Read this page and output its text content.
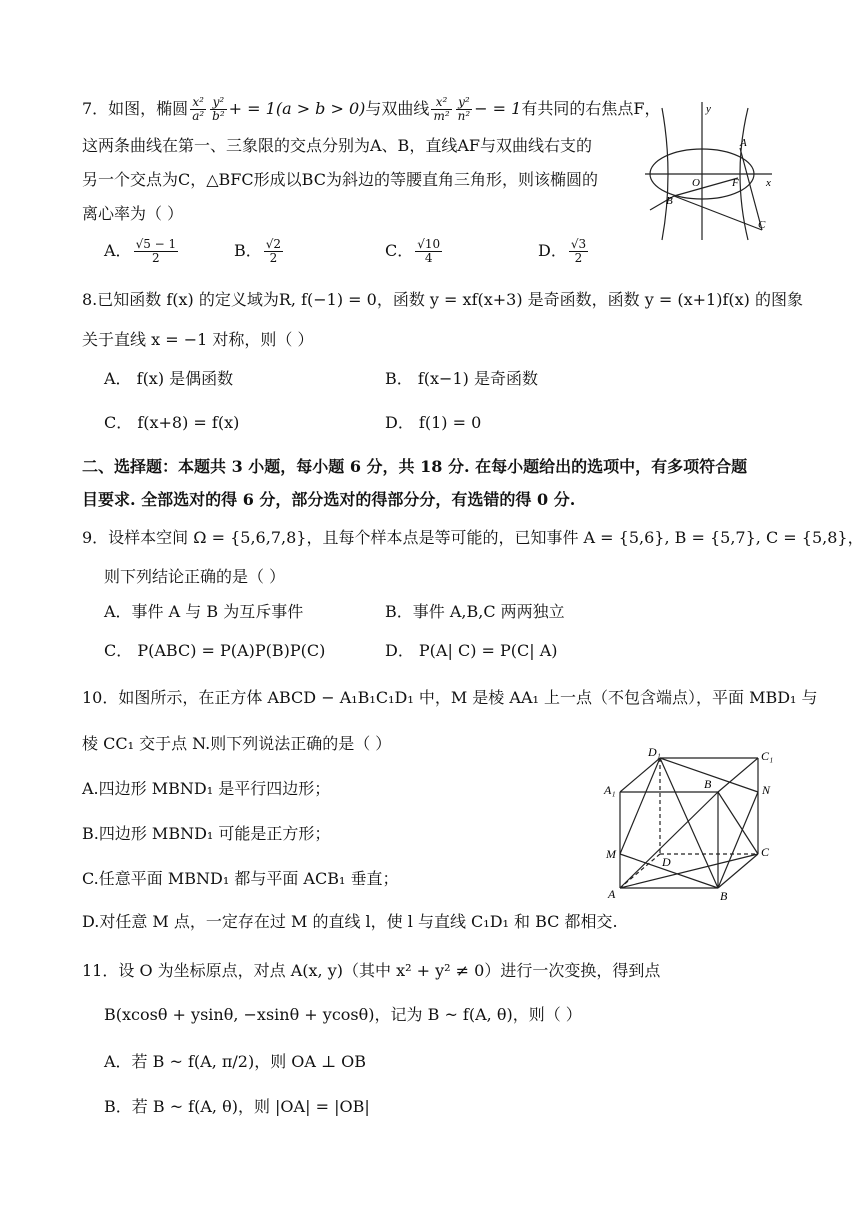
7．如图，椭圆 $\frac{\text{x²}}{\text{a²}} \frac{\text{y²}}{\text{b²}}$ + = 1(a > b > 0)与双曲线 $\frac{\text{x²}}{\text{m²}} \frac{\text{y²}}{\text{n²}}$ − = 1有共同的右焦点F，
这两条曲线在第一、三象限的交点分别为A、B，直线AF与双曲线右支的
另一个交点为C，△BFC形成以BC为斜边的等腰直角三角形，则该椭圆的
离心率为（ ）
A． $\frac{√5 - 1}{2}$	B． $\frac{√2}{2}$	C． $\frac{√10}{4}$	D． $\frac{√3}{2}$
y
x
A
O	F
B
C
8.已知函数 f(x) 的定义域为R, f(−1) = 0，函数 y = xf(x+3) 是奇函数，函数 y = (x+1)f(x) 的图象
关于直线 x = −1 对称，则（ ）
A． f(x) 是偶函数	B． f(x−1) 是奇函数
C． f(x+8) = f(x)	D． f(1) = 0
二、选择题：本题共 3 小题，每小题 6 分，共 18 分. 在每小题给出的选项中，有多项符合题
目要求. 全部选对的得 6 分，部分选对的得部分分，有选错的得 0 分.
9．设样本空间 Ω = {5,6,7,8}，且每个样本点是等可能的，已知事件 A = {5,6}, B = {5,7}, C = {5,8}，
则下列结论正确的是（ ）
A．事件 A 与 B 为互斥事件	B．事件 A,B,C 两两独立
C． P(ABC) = P(A)P(B)P(C)	D． P(A| C) = P(C| A)
10．如图所示，在正方体 ABCD − A₁B₁C₁D₁ 中，M 是棱 AA₁ 上一点（不包含端点），平面 MBD₁ 与
棱 CC₁ 交于点 N.则下列说法正确的是（ ）
A.四边形 MBND₁ 是平行四边形；
B.四边形 MBND₁ 可能是正方形；
C.任意平面 MBND₁ 都与平面 ACB₁ 垂直；
D.对任意 M 点，一定存在过 M 的直线 l，使 l 与直线 C₁D₁ 和 BC 都相交.
D₁	C₁
A₁	B	N
M
D
C
A	B
11．设 O 为坐标原点，对点 A(x, y)（其中 x² + y² ≠ 0）进行一次变换，得到点
B(xcosθ + ysinθ, −xsinθ + ycosθ)，记为 B ~ f(A, θ)，则（ ）
A．若 B ~ f(A, π/2)，则 OA ⊥ OB
B．若 B ~ f(A, θ)，则 |OA| = |OB|
